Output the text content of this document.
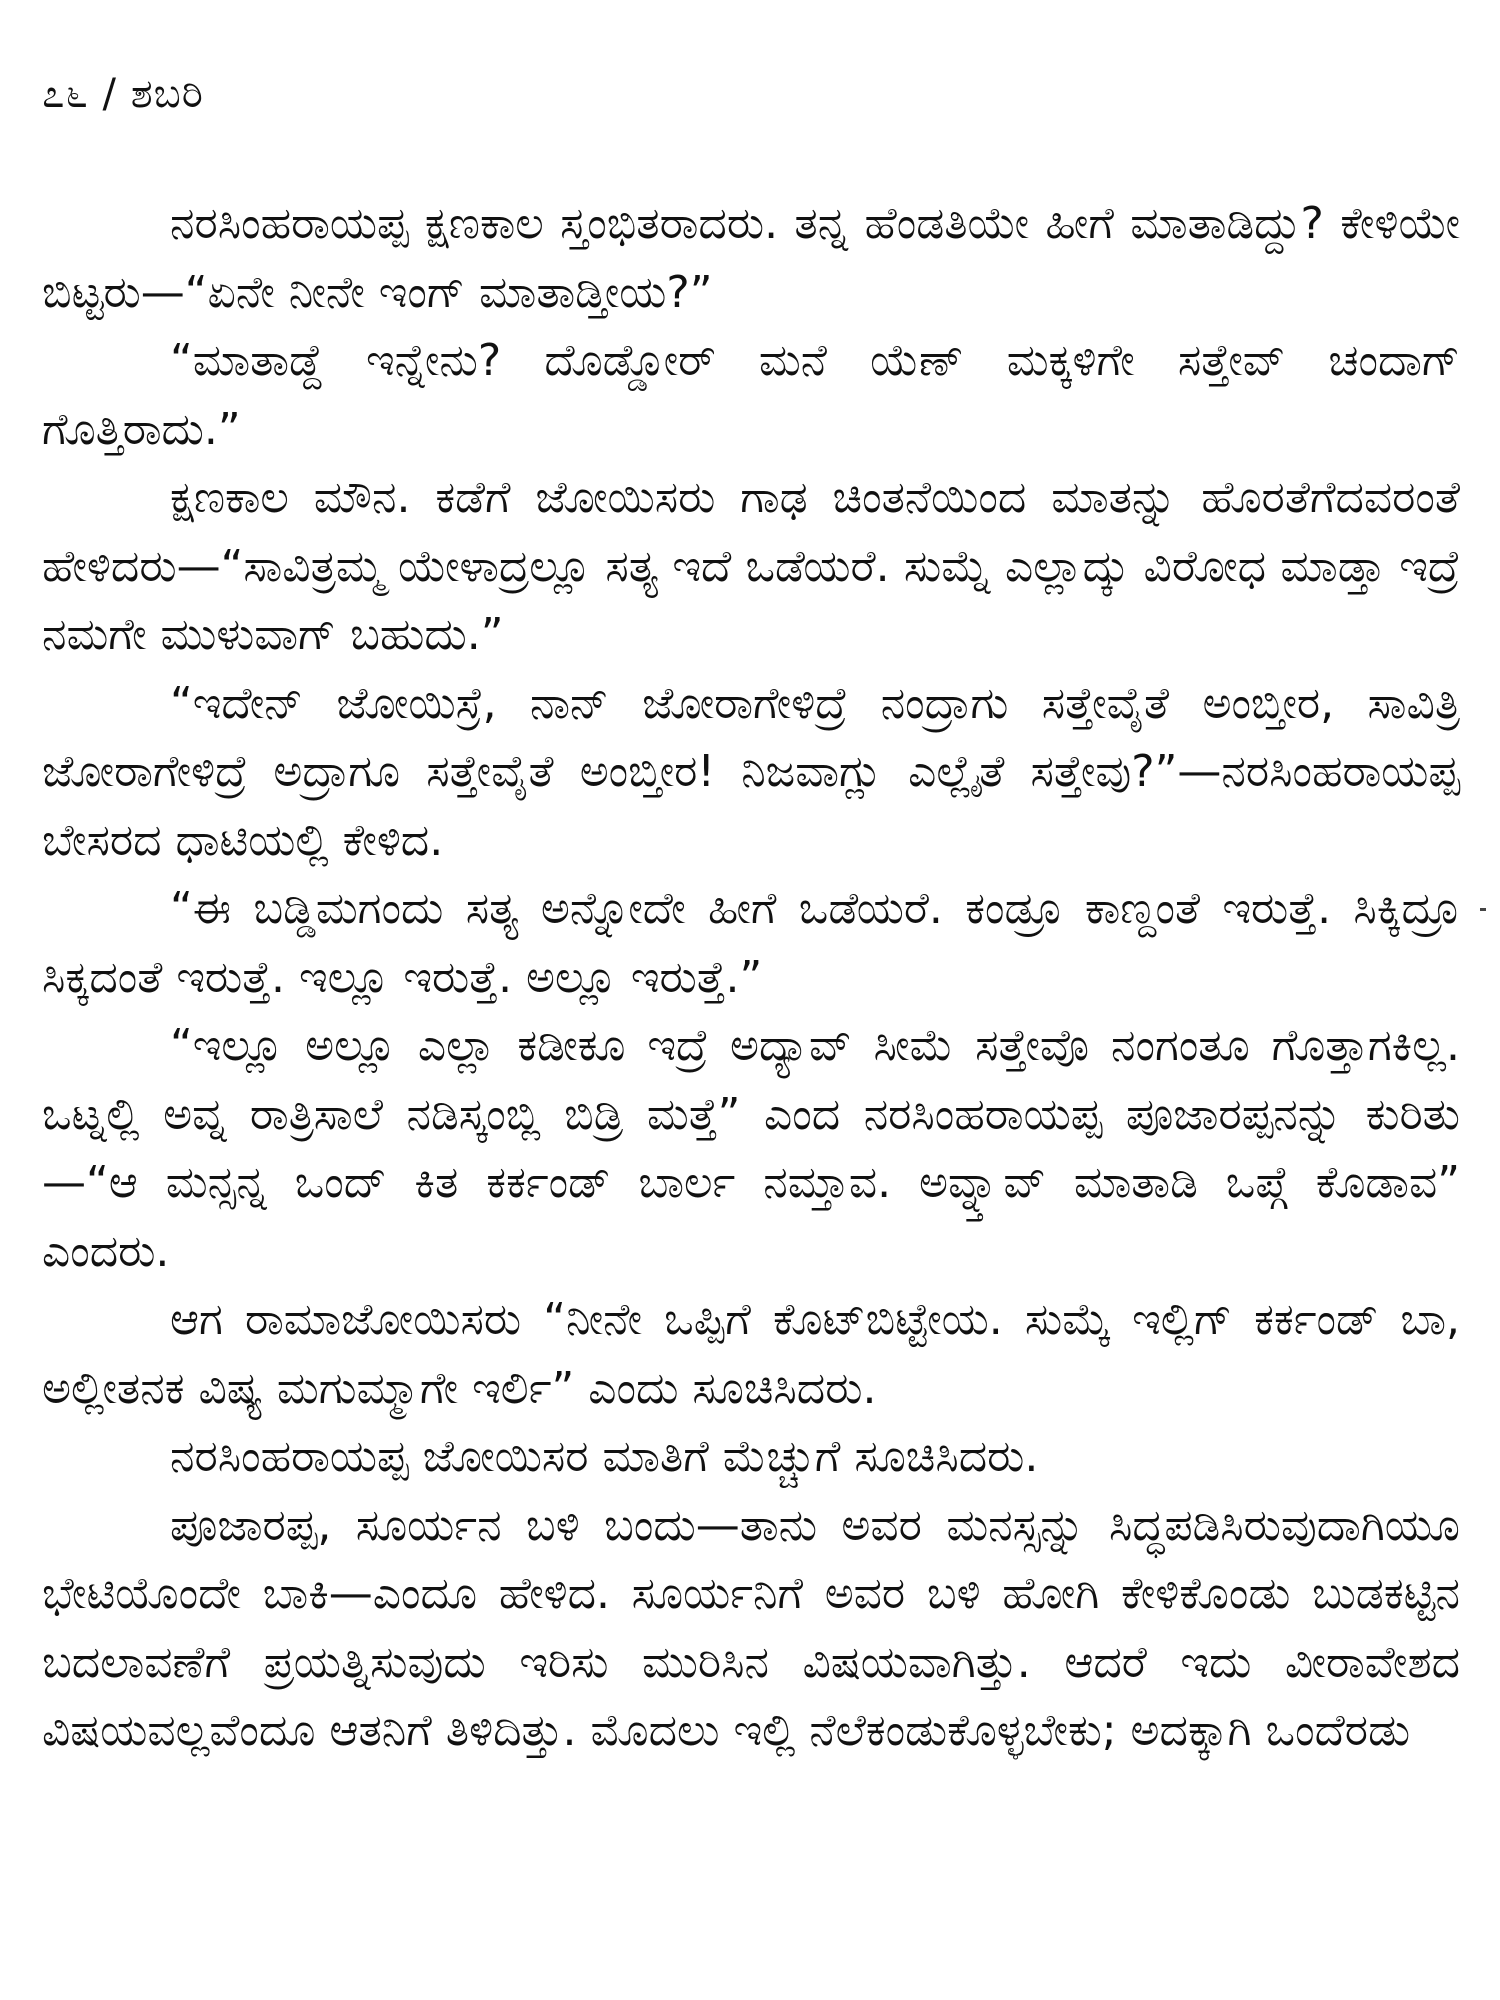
೭೬ / ಶಬರಿ

ನರಸಿಂಹರಾಯಪ್ಪ ಕ್ಷಣಕಾಲ ಸ್ತಂಭಿತರಾದರು. ತನ್ನ ಹೆಂಡತಿಯೇ ಹೀಗೆ ಮಾತಾಡಿದ್ದು? ಕೇಳಿಯೇ ಬಿಟ್ಟರು—“ಏನೇ ನೀನೇ ಇಂಗ್ ಮಾತಾಡ್ತೀಯ?”

“ಮಾತಾಡ್ದೆ ಇನ್ನೇನು? ದೊಡ್ಡೋರ್ ಮನೆ ಯೆಣ್ ಮಕ್ಕಳಿಗೇ ಸತ್ತೇವ್ ಚಂದಾಗ್ ಗೊತ್ತಿರಾದು.”

ಕ್ಷಣಕಾಲ ಮೌನ. ಕಡೆಗೆ ಜೋಯಿಸರು ಗಾಢ ಚಿಂತನೆಯಿಂದ ಮಾತನ್ನು ಹೊರತೆಗೆದವರಂತೆ ಹೇಳಿದರು—“ಸಾವಿತ್ರಮ್ಮ ಯೇಳಾದ್ರಲ್ಲೂ ಸತ್ಯ ಇದೆ ಒಡೆಯರೆ. ಸುಮ್ನೆ ಎಲ್ಲಾದ್ಕು ವಿರೋಧ ಮಾಡ್ತಾ ಇದ್ರೆ ನಮಗೇ ಮುಳುವಾಗ್ ಬಹುದು.”

“ಇದೇನ್ ಜೋಯಿಸ್ರೆ, ನಾನ್ ಜೋರಾಗೇಳಿದ್ರೆ ನಂದ್ರಾಗು ಸತ್ತೇವೈತೆ ಅಂಬ್ತೀರ, ಸಾವಿತ್ರಿ ಜೋರಾಗೇಳಿದ್ರೆ ಅದ್ರಾಗೂ ಸತ್ತೇವೈತೆ ಅಂಬ್ತೀರ! ನಿಜವಾಗ್ಲು ಎಲ್ಲೈತೆ ಸತ್ತೇವು?”—ನರಸಿಂಹರಾಯಪ್ಪ ಬೇಸರದ ಧಾಟಿಯಲ್ಲಿ ಕೇಳಿದ.

“ಈ ಬಡ್ಡಿಮಗಂದು ಸತ್ಯ ಅನ್ನೋದೇ ಹೀಗೆ ಒಡೆಯರೆ. ಕಂಡ್ರೂ ಕಾಣ್ದಂತೆ ಇರುತ್ತೆ. ಸಿಕ್ಕಿದ್ರೂ ಸಿಕ್ಕದಂತೆ ಇರುತ್ತೆ. ಇಲ್ಲೂ ಇರುತ್ತೆ. ಅಲ್ಲೂ ಇರುತ್ತೆ.”

“ಇಲ್ಲೂ ಅಲ್ಲೂ ಎಲ್ಲಾ ಕಡೀಕೂ ಇದ್ರೆ ಅದ್ಯಾವ್ ಸೀಮೆ ಸತ್ತೇವೊ ನಂಗಂತೂ ಗೊತ್ತಾಗಕಿಲ್ಲ. ಒಟ್ನಲ್ಲಿ ಅವ್ನ ರಾತ್ರಿಸಾಲೆ ನಡಿಸ್ಕಂಬ್ಲಿ ಬಿಡ್ರಿ ಮತ್ತೆ” ಎಂದ ನರಸಿಂಹರಾಯಪ್ಪ ಪೂಜಾರಪ್ಪನನ್ನು ಕುರಿತು—“ಆ ಮನ್ಸನ್ನ ಒಂದ್ ಕಿತ ಕರ್ಕಂಡ್ ಬಾರ್ಲ ನಮ್ತಾವ. ಅವ್ನ್ತಾವ್ ಮಾತಾಡಿ ಒಪ್ಗೆ ಕೊಡಾವ” ಎಂದರು.

ಆಗ ರಾಮಾಜೋಯಿಸರು “ನೀನೇ ಒಪ್ಪಿಗೆ ಕೊಟ್‌ಬಿಟ್ಟೇಯ. ಸುಮ್ಕೆ ಇಲ್ಲಿಗ್ ಕರ್ಕಂಡ್ ಬಾ, ಅಲ್ಲೀತನಕ ವಿಷ್ಯ ಮಗುಮ್ಮಾಗೇ ಇರ್ಲಿ” ಎಂದು ಸೂಚಿಸಿದರು.

ನರಸಿಂಹರಾಯಪ್ಪ ಜೋಯಿಸರ ಮಾತಿಗೆ ಮೆಚ್ಚುಗೆ ಸೂಚಿಸಿದರು.

ಪೂಜಾರಪ್ಪ, ಸೂರ್ಯನ ಬಳಿ ಬಂದು—ತಾನು ಅವರ ಮನಸ್ಸನ್ನು ಸಿದ್ಧಪಡಿಸಿರುವುದಾಗಿಯೂ ಭೇಟಿಯೊಂದೇ ಬಾಕಿ—ಎಂದೂ ಹೇಳಿದ. ಸೂರ್ಯನಿಗೆ ಅವರ ಬಳಿ ಹೋಗಿ ಕೇಳಿಕೊಂಡು ಬುಡಕಟ್ಟಿನ ಬದಲಾವಣೆಗೆ ಪ್ರಯತ್ನಿಸುವುದು ಇರಿಸು ಮುರಿಸಿನ ವಿಷಯವಾಗಿತ್ತು. ಆದರೆ ಇದು ವೀರಾವೇಶದ ವಿಷಯವಲ್ಲವೆಂದೂ ಆತನಿಗೆ ತಿಳಿದಿತ್ತು. ಮೊದಲು ಇಲ್ಲಿ ನೆಲೆಕಂಡುಕೊಳ್ಳಬೇಕು; ಅದಕ್ಕಾಗಿ ಒಂದೆರಡು
